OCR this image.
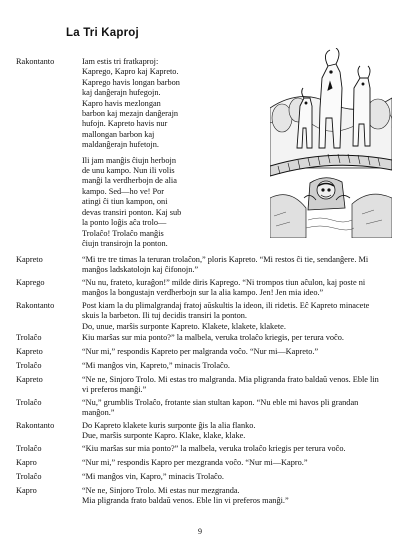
La Tri Kaproj
Rakontanto	Iam estis tri fratkaproj:
Kaprego, Kapro kaj Kapreto.
Kaprego havis longan barbon
kaj danĝerajn hufegojn.
Kapro havis mezlongan
barbon kaj mezajn danĝerajn
hufojn. Kapreto havis nur
mallongan barbon kaj
maldanĝerajn hufetojn.
Ili jam manĝis ĉiujn herbojn
de unu kampo. Nun ili volis
manĝi la verdherbojn de alia
kampo. Sed—ho ve! Por
atingi ĉi tiun kampon, oni
devas transiri ponton. Kaj sub
la ponto loĝis aĉa trolo—
Trolaĉo! Trolaĉo manĝis
ĉiujn transirojn la ponton.
Kapreto	“Mi tre tre timas la teruran trolaĉon,” ploris Kapreto. “Mi restos ĉi tie, sendanĝere. Mi
manĝos ladskatolojn kaj ĉifonojn.”
Kaprego	“Nu nu, frateto, kuraĝon!” milde diris Kaprego. “Ni trompos tiun aĉulon, kaj poste ni
manĝos la bongustajn verdherbojn sur la alia kampo. Jen! Jen mia ideo.”
Rakontanto	Post kiam la du plimalgrandaj fratoj aŭskultis la ideon, ili ridetis. Eĉ Kapreto minacete
skuis la barbeton. Ili tuj decidis transiri la ponton.
Do, unue, marŝis surponte Kapreto. Klakete, klakete, klakete.
Trolaĉo	Kiu marŝas sur mia ponto?” la malbela, veruka trolaĉo kriegis, per terura voĉo.
Kapreto	“Nur mi,” respondis Kapreto per malgranda voĉo. “Nur mi—Kapreto.”
Trolaĉo	“Mi manĝos vin, Kapreto,” minacis Trolaĉo.
Kapreto	“Ne ne, Sinjoro Trolo. Mi estas tro malgranda. Mia pligranda frato baldaŭ venos. Eble lin
vi preferos manĝi.”
Trolaĉo	“Nu,” grumblis Trolaĉo, frotante sian stultan kapon. “Nu eble mi havos pli grandan
manĝon.”
Rakontanto	Do Kapreto klakete kuris surponte ĝis la alia flanko.
Due, marŝis surponte Kapro. Klake, klake, klake.
Trolaĉo	“Kiu marŝas sur mia ponto?” la malbela, veruka trolaĉo kriegis per terura voĉo.
Kapro	“Nur mi,” respondis Kapro per mezgranda voĉo. “Nur mi—Kapro.”
Trolaĉo	“Mi manĝos vin, Kapro,” minacis Trolaĉo.
Kapro	“Ne ne, Sinjoro Trolo. Mi estas nur mezgranda.
Mia pligranda frato baldaŭ venos. Eble lin vi preferos manĝi.”
9
